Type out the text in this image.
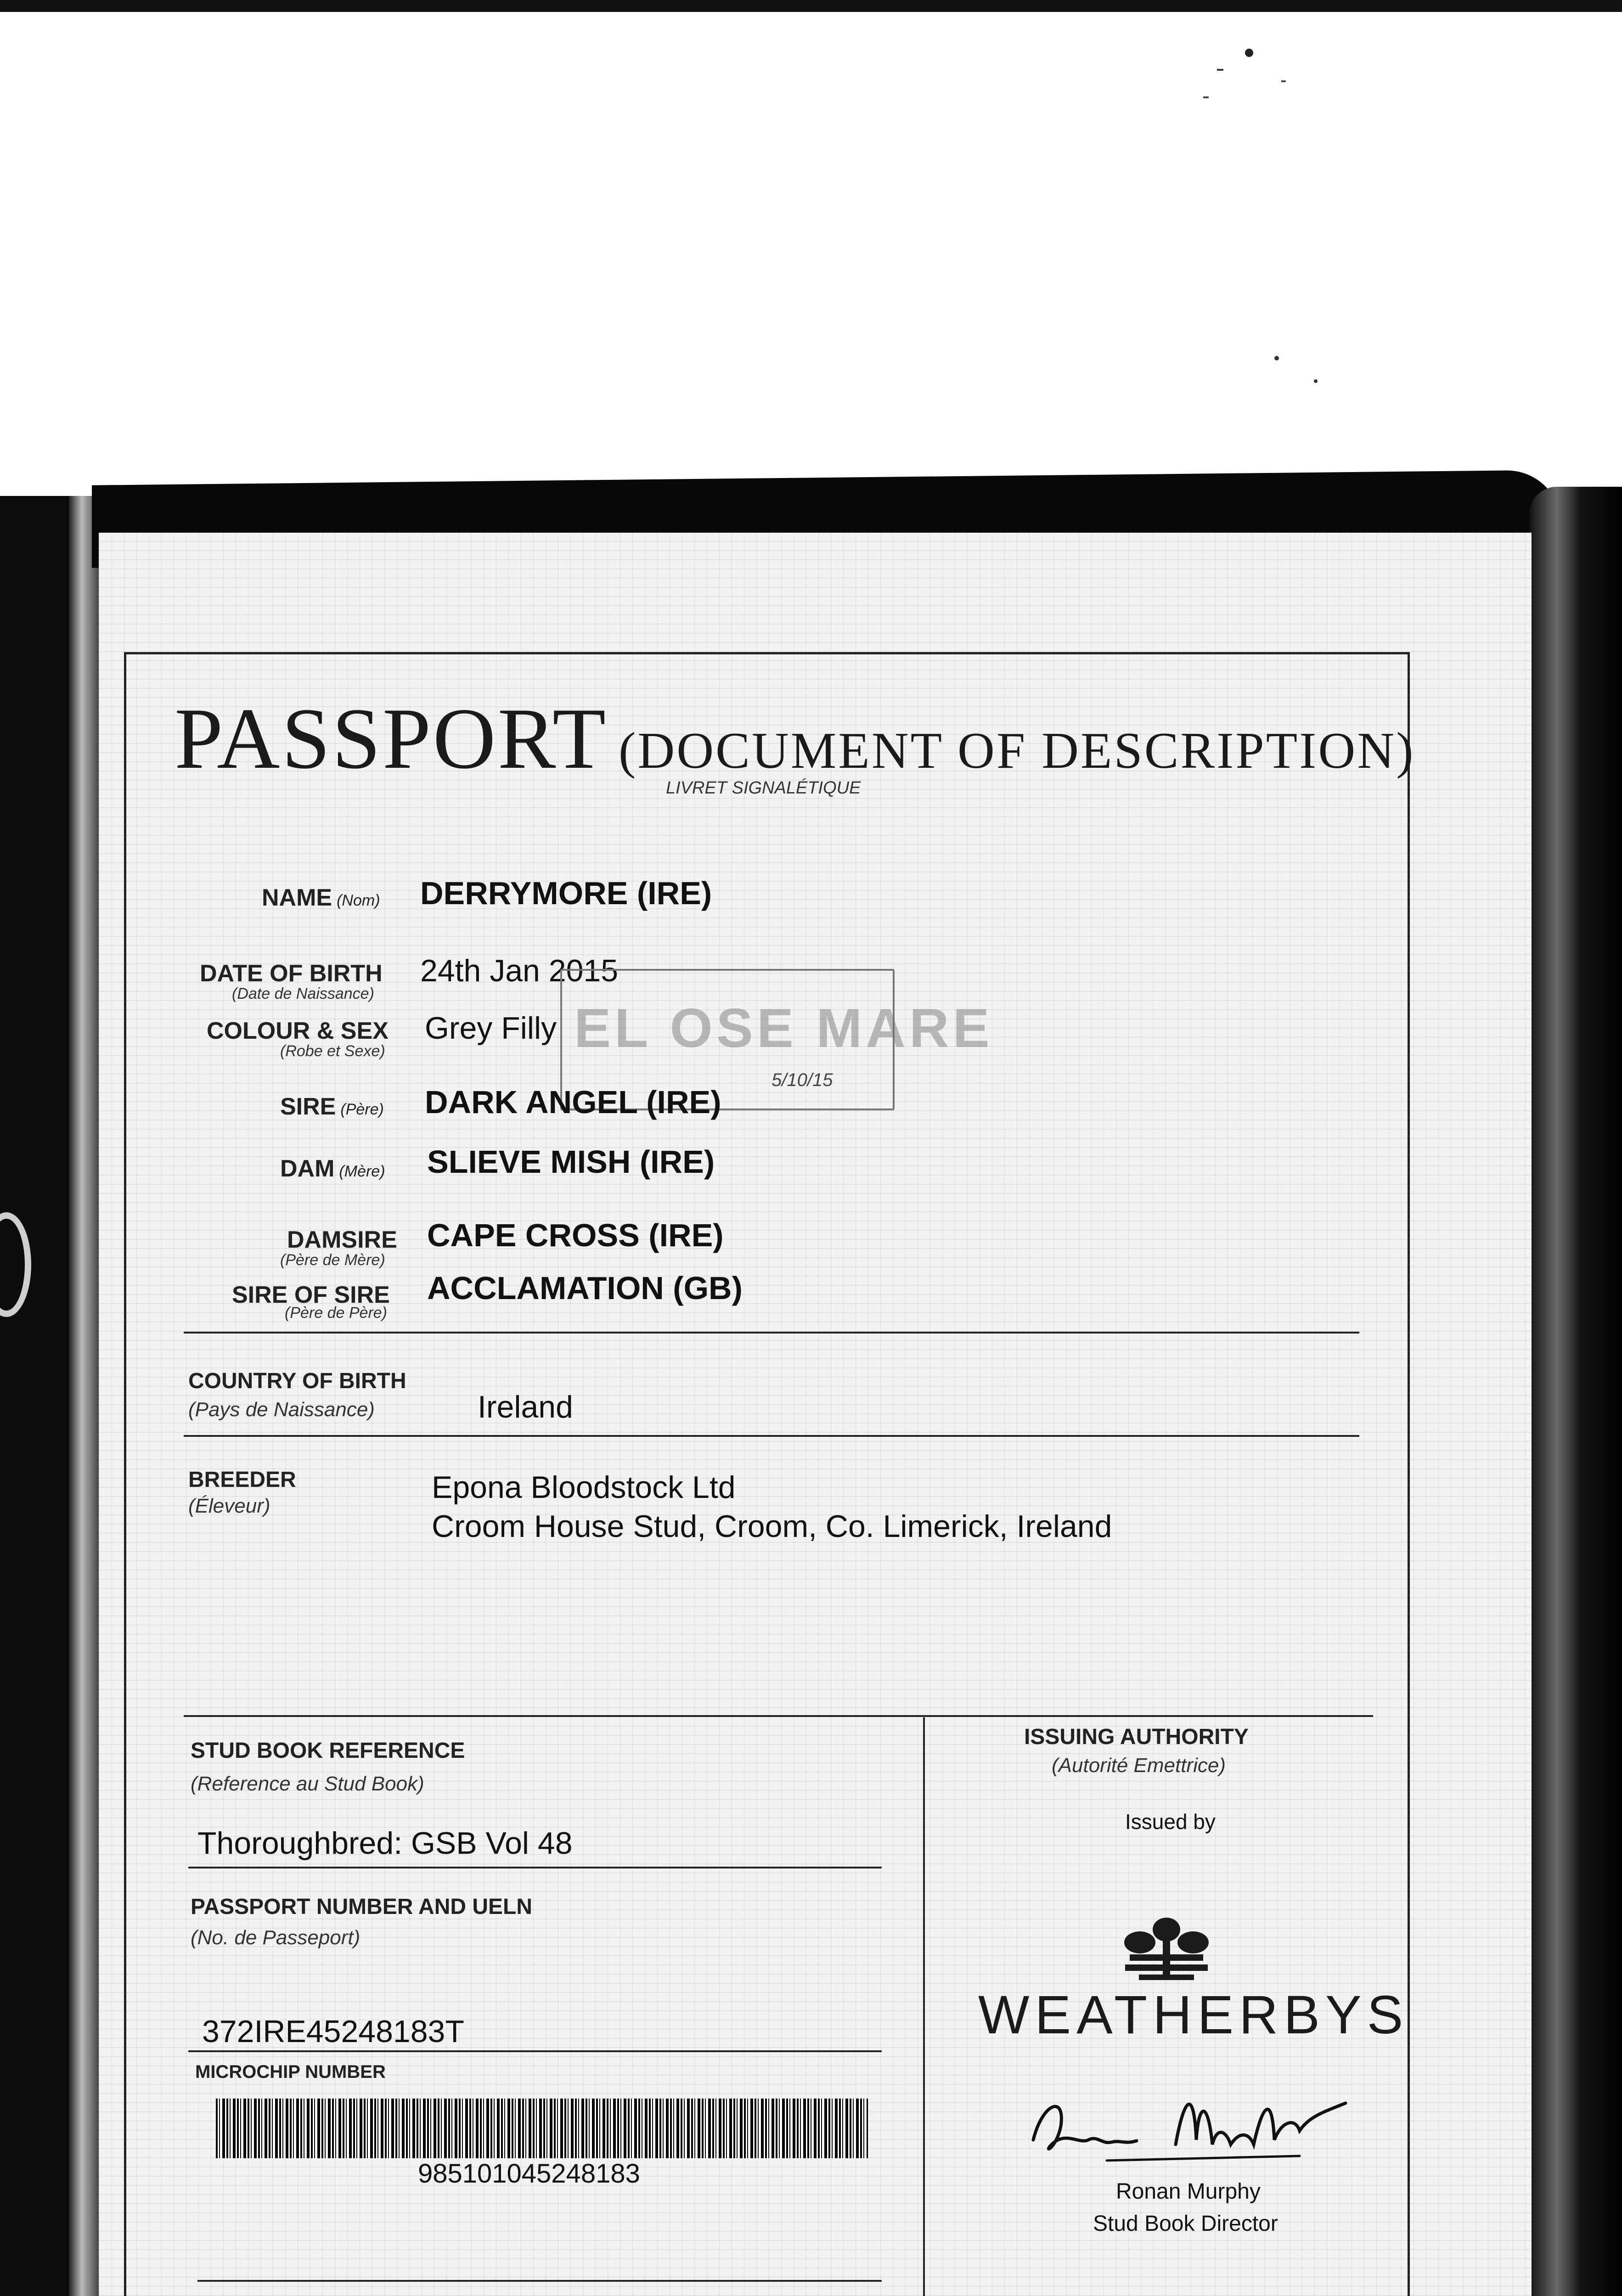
PASSPORT (DOCUMENT OF DESCRIPTION)
LIVRET SIGNALÉTIQUE
NAME (Nom) DERRYMORE (IRE)
DATE OF BIRTH
(Date de Naissance)
24th Jan 2015
EL OSE MARE
5/10/15
COLOUR & SEX
(Robe et Sexe)
Grey Filly
SIRE (Père) DARK ANGEL (IRE)
DAM (Mère) SLIEVE MISH (IRE)
DAMSIRE
(Père de Mère)
CAPE CROSS (IRE)
SIRE OF SIRE
(Père de Père)
ACCLAMATION (GB)
COUNTRY OF BIRTH
(Pays de Naissance)	Ireland
BREEDER
(Éleveur)
Epona Bloodstock Ltd
Croom House Stud, Croom, Co. Limerick, Ireland
STUD BOOK REFERENCE
(Reference au Stud Book)
Thoroughbred: GSB Vol 48
PASSPORT NUMBER AND UELN
(No. de Passeport)
372IRE45248183T
MICROCHIP NUMBER
985101045248183
ISSUING AUTHORITY
(Autorité Emettrice)
Issued by
WEATHERBYS
Ronan Murphy
Stud Book Director
